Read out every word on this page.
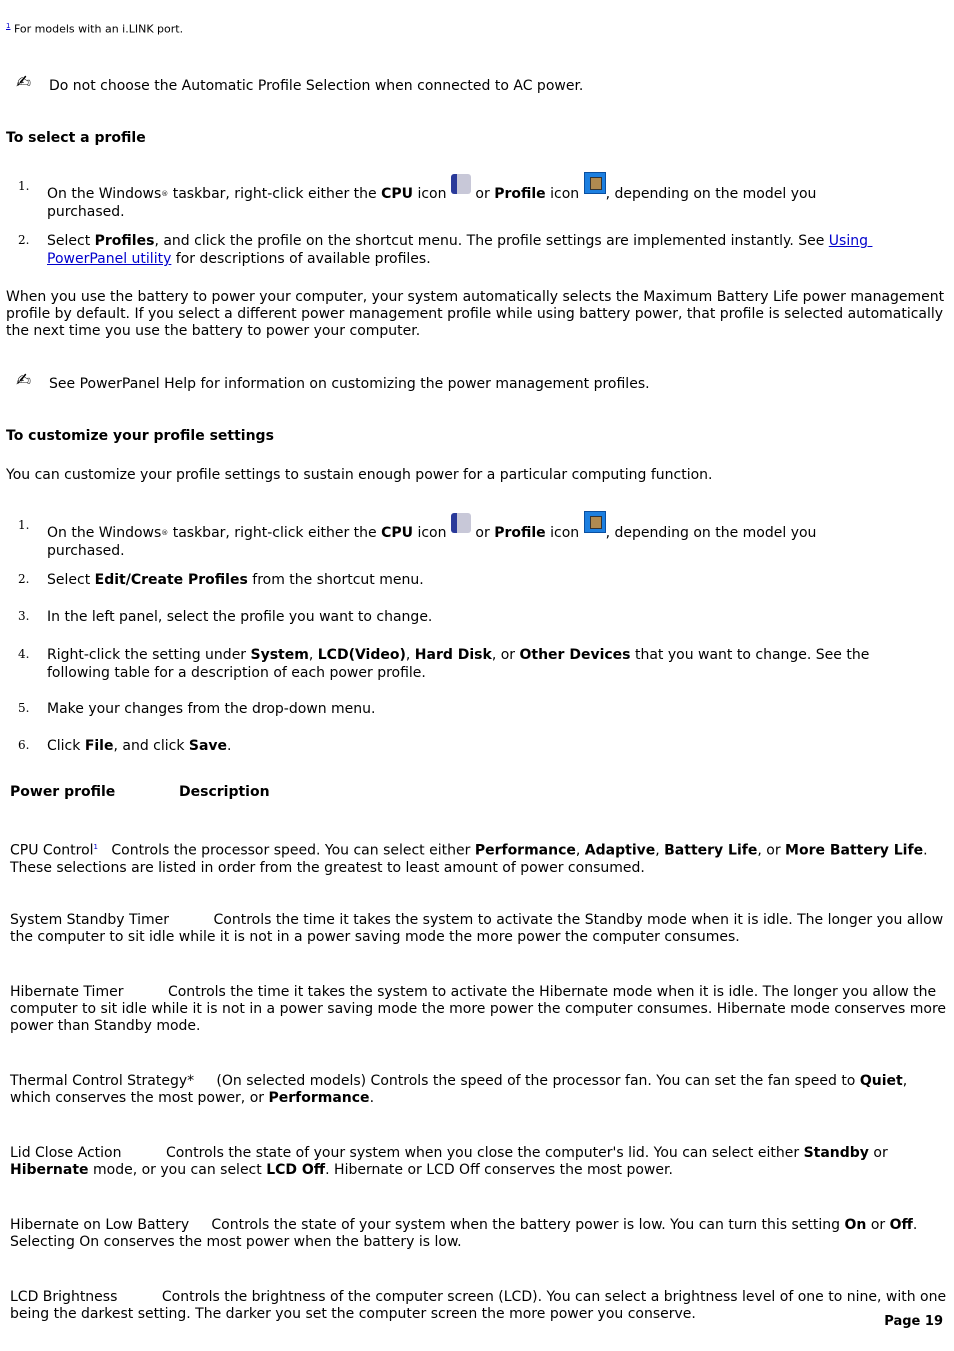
$^1$ For models with an i.LINK port.
✍ Do not choose the Automatic Profile Selection when connected to AC power.
To select a profile
When you use the battery to power your computer, your system automatically selects the Maximum Battery Life power management profile by default. If you select a different power management profile while using battery power, that profile is selected automatically the next time you use the battery to power your computer.
✍ See PowerPanel Help for information on customizing the power management profiles.
To customize your profile settings
You can customize your profile settings to sustain enough power for a particular computing function.
Power profile	Description
Page 19
1. On the Windows® taskbar, right-click either the CPU icon  or Profile icon , depending on the model you purchased.
2. Select Profiles, and click the profile on the shortcut menu. The profile settings are implemented instantly. See Using PowerPanel utility for descriptions of available profiles.
1. On the Windows® taskbar, right-click either the CPU icon  or Profile icon , depending on the model you purchased.
2. Select Edit/Create Profiles from the shortcut menu.
3. In the left panel, select the profile you want to change.
4. Right-click the setting under System, LCD(Video), Hard Disk, or Other Devices that you want to change. See the following table for a description of each power profile.
5. Make your changes from the drop-down menu.
6. Click File, and click Save.
CPU Control$^1$   Controls the processor speed. You can select either Performance, Adaptive, Battery Life, or More Battery Life. These selections are listed in order from the greatest to least amount of power consumed.
System Standby Timer          Controls the time it takes the system to activate the Standby mode when it is idle. The longer you allow the computer to sit idle while it is not in a power saving mode the more power the computer consumes.
Hibernate Timer          Controls the time it takes the system to activate the Hibernate mode when it is idle. The longer you allow the computer to sit idle while it is not in a power saving mode the more power the computer consumes. Hibernate mode conserves more power than Standby mode.
Thermal Control Strategy*     (On selected models) Controls the speed of the processor fan. You can set the fan speed to Quiet, which conserves the most power, or Performance.
Lid Close Action          Controls the state of your system when you close the computer's lid. You can select either Standby or Hibernate mode, or you can select LCD Off. Hibernate or LCD Off conserves the most power.
Hibernate on Low Battery     Controls the state of your system when the battery power is low. You can turn this setting On or Off. Selecting On conserves the most power when the battery is low.
LCD Brightness          Controls the brightness of the computer screen (LCD). You can select a brightness level of one to nine, with one being the darkest setting. The darker you set the computer screen the more power you conserve.
